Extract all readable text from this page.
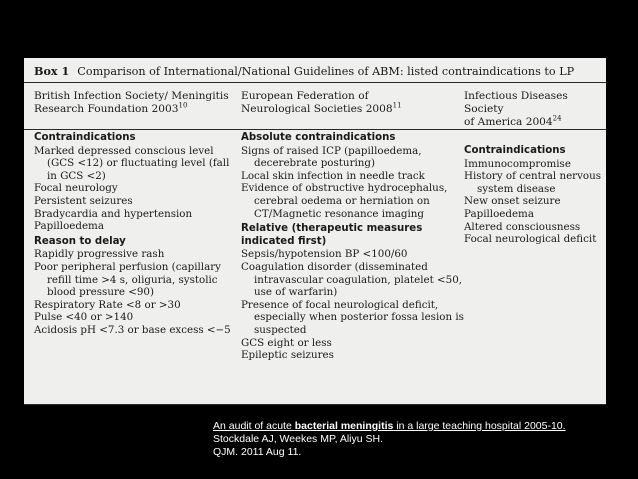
Box 1 Comparison of International/National Guidelines of ABM: listed contraindications to LP
British Infection Society/ Meningitis
Research Foundation 2003$^{10}$
Contraindications
Marked depressed conscious level
(GCS <12) or fluctuating level (fall
in GCS <2)
Focal neurology
Persistent seizures
Bradycardia and hypertension
Papilloedema
Reason to delay
Rapidly progressive rash
Poor peripheral perfusion (capillary
refill time >4 s, oliguria, systolic
blood pressure <90)
Respiratory Rate <8 or >30
Pulse <40 or >140
Acidosis pH <7.3 or base excess <−5
European Federation of
Neurological Societies 2008$^{11}$
Absolute contraindications
Signs of raised ICP (papilloedema,
decerebrate posturing)
Local skin infection in needle track
Evidence of obstructive hydrocephalus,
cerebral oedema or herniation on
CT/Magnetic resonance imaging
Relative (therapeutic measures indicated first)
Sepsis/hypotension BP <100/60
Coagulation disorder (disseminated
intravascular coagulation, platelet <50,
use of warfarin)
Presence of focal neurological deficit,
especially when posterior fossa lesion is
suspected
GCS eight or less
Epileptic seizures
Infectious Diseases Society
of America 2004$^{24}$
Contraindications
Immunocompromise
History of central nervous
system disease
New onset seizure
Papilloedema
Altered consciousness
Focal neurological deficit
An audit of acute bacterial meningitis in a large teaching hospital 2005-10.
Stockdale AJ, Weekes MP, Aliyu SH.
QJM. 2011 Aug 11.
